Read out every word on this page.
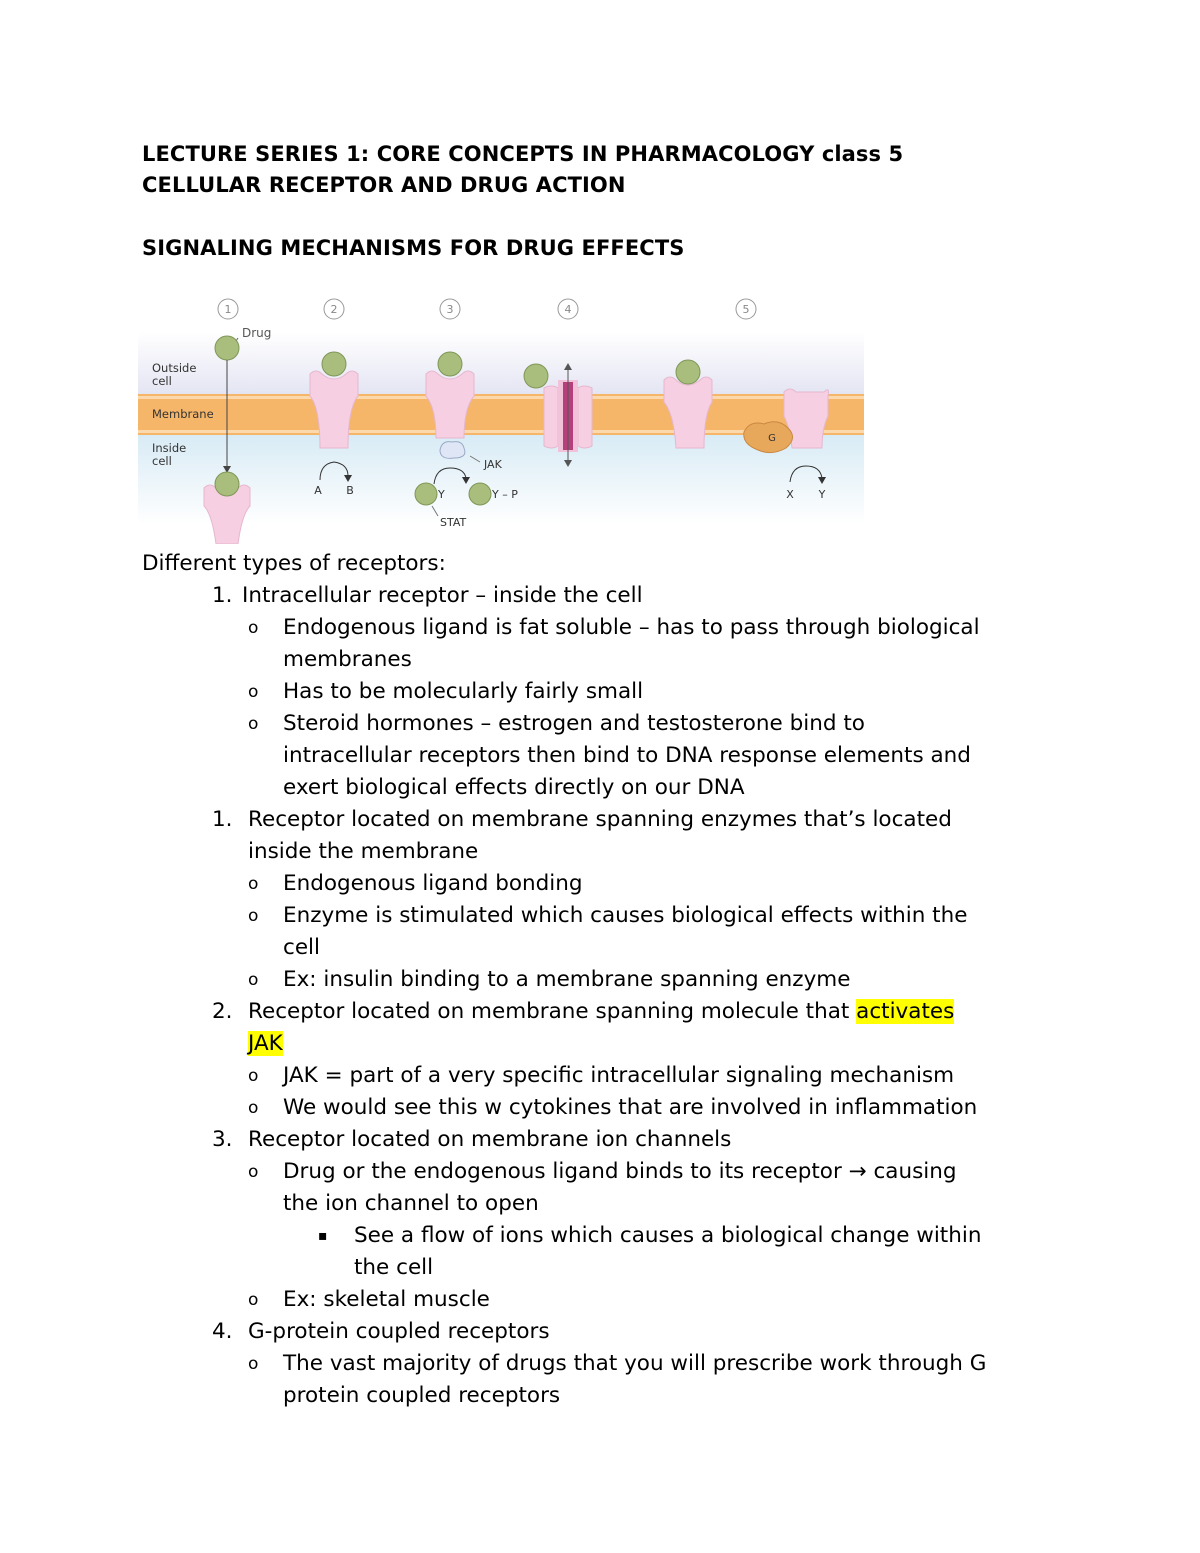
LECTURE SERIES 1: CORE CONCEPTS IN PHARMACOLOGY class 5
CELLULAR RECEPTOR AND DRUG ACTION
SIGNALING MECHANISMS FOR DRUG EFFECTS
Outside
cell
Membrane
Inside
cell
1	2	3	4	5
Drug
A B
JAK
Y	Y – P
STAT
G
X Y
Different types of receptors:
1. Intracellular receptor – inside the cell
o Endogenous ligand is fat soluble – has to pass through biological
membranes
o Has to be molecularly fairly small
o Steroid hormones – estrogen and testosterone bind to
intracellular receptors then bind to DNA response elements and
exert biological effects directly on our DNA
1. Receptor located on membrane spanning enzymes that’s located
inside the membrane
o Endogenous ligand bonding
o Enzyme is stimulated which causes biological effects within the
cell
o Ex: insulin binding to a membrane spanning enzyme
2. Receptor located on membrane spanning molecule that activates
JAK
o JAK = part of a very specific intracellular signaling mechanism
o We would see this w cytokines that are involved in inflammation
3. Receptor located on membrane ion channels
o Drug or the endogenous ligand binds to its receptor → causing
the ion channel to open
▪ See a flow of ions which causes a biological change within
the cell
o Ex: skeletal muscle
4. G-protein coupled receptors
o The vast majority of drugs that you will prescribe work through G
protein coupled receptors
